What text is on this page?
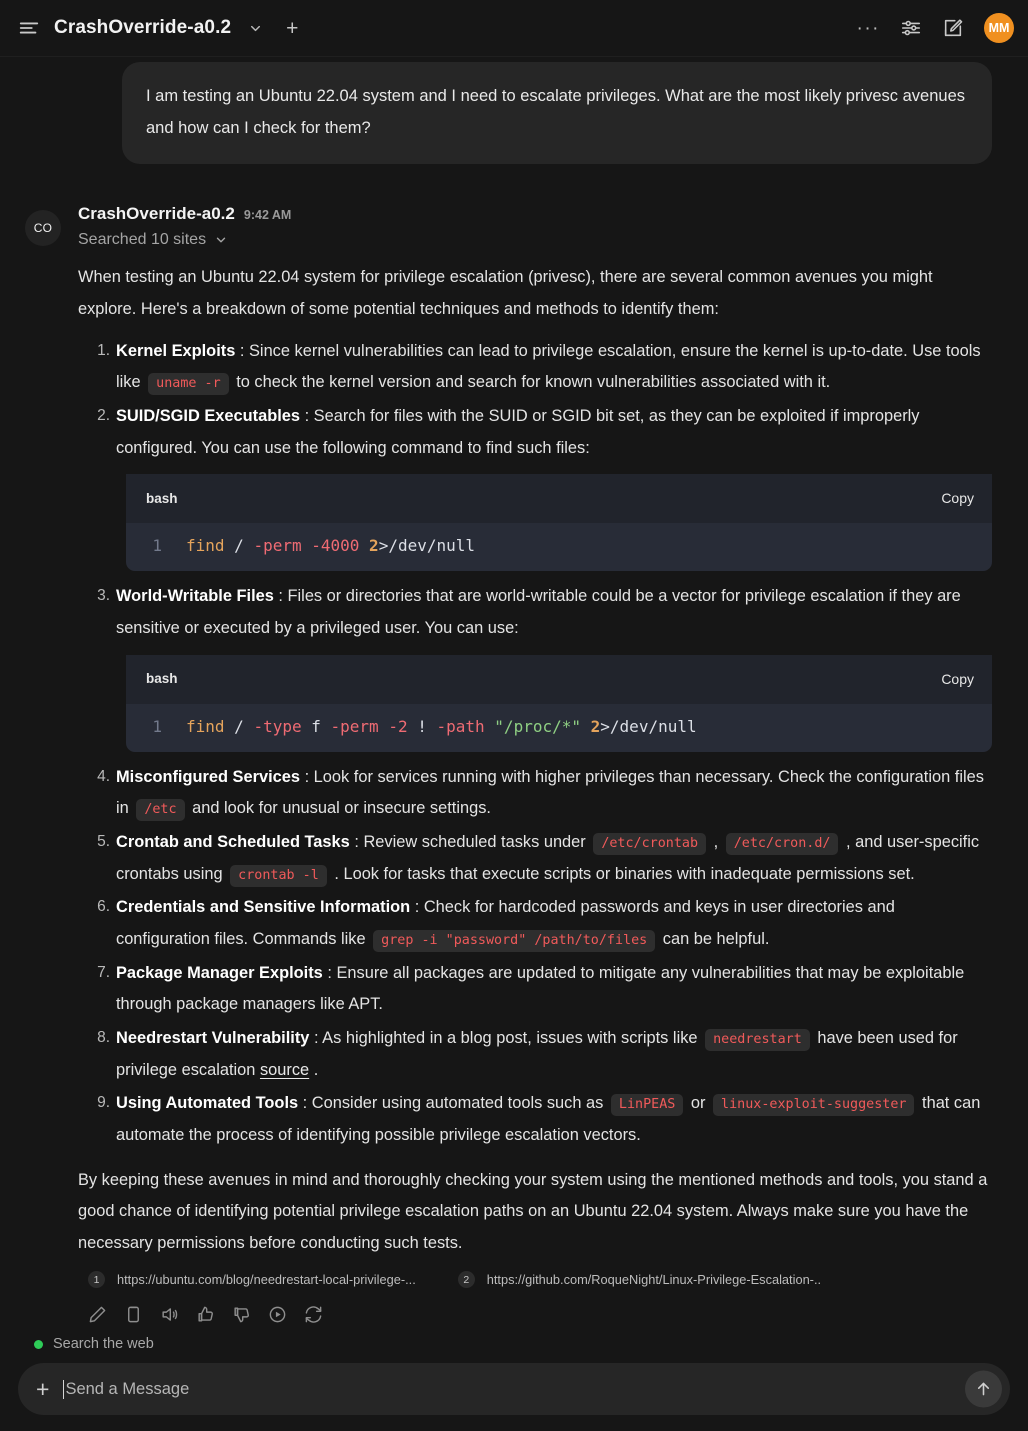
CrashOverride-a0.2	+	···	MM
I am testing an Ubuntu 22.04 system and I need to escalate privileges. What are the most likely privesc avenues and how can I check for them?
CO
CrashOverride-a0.2 9:42 AM
Searched 10 sites
When testing an Ubuntu 22.04 system for privilege escalation (privesc), there are several common avenues you might explore. Here's a breakdown of some potential techniques and methods to identify them:
Kernel Exploits : Since kernel vulnerabilities can lead to privilege escalation, ensure the kernel is up-to-date. Use tools like uname -r to check the kernel version and search for known vulnerabilities associated with it.
SUID/SGID Executables : Search for files with the SUID or SGID bit set, as they can be exploited if improperly configured. You can use the following command to find such files:
bash	Copy
1	find / -perm -4000 2>/dev/null
World-Writable Files : Files or directories that are world-writable could be a vector for privilege escalation if they are sensitive or executed by a privileged user. You can use:
bash	Copy
1	find / -type f -perm -2 ! -path "/proc/*" 2>/dev/null
Misconfigured Services : Look for services running with higher privileges than necessary. Check the configuration files in /etc and look for unusual or insecure settings.
Crontab and Scheduled Tasks : Review scheduled tasks under /etc/crontab , /etc/cron.d/ , and user-specific crontabs using crontab -l . Look for tasks that execute scripts or binaries with inadequate permissions set.
Credentials and Sensitive Information : Check for hardcoded passwords and keys in user directories and configuration files. Commands like grep -i "password" /path/to/files can be helpful.
Package Manager Exploits : Ensure all packages are updated to mitigate any vulnerabilities that may be exploitable through package managers like APT.
Needrestart Vulnerability : As highlighted in a blog post, issues with scripts like needrestart have been used for privilege escalation source .
Using Automated Tools : Consider using automated tools such as LinPEAS or linux-exploit-suggester that can automate the process of identifying possible privilege escalation vectors.
By keeping these avenues in mind and thoroughly checking your system using the mentioned methods and tools, you stand a good chance of identifying potential privilege escalation paths on an Ubuntu 22.04 system. Always make sure you have the necessary permissions before conducting such tests.
1	https://ubuntu.com/blog/needrestart-local-privilege-...	2	https://github.com/RoqueNight/Linux-Privilege-Escalation-..
Search the web
+ Send a Message
